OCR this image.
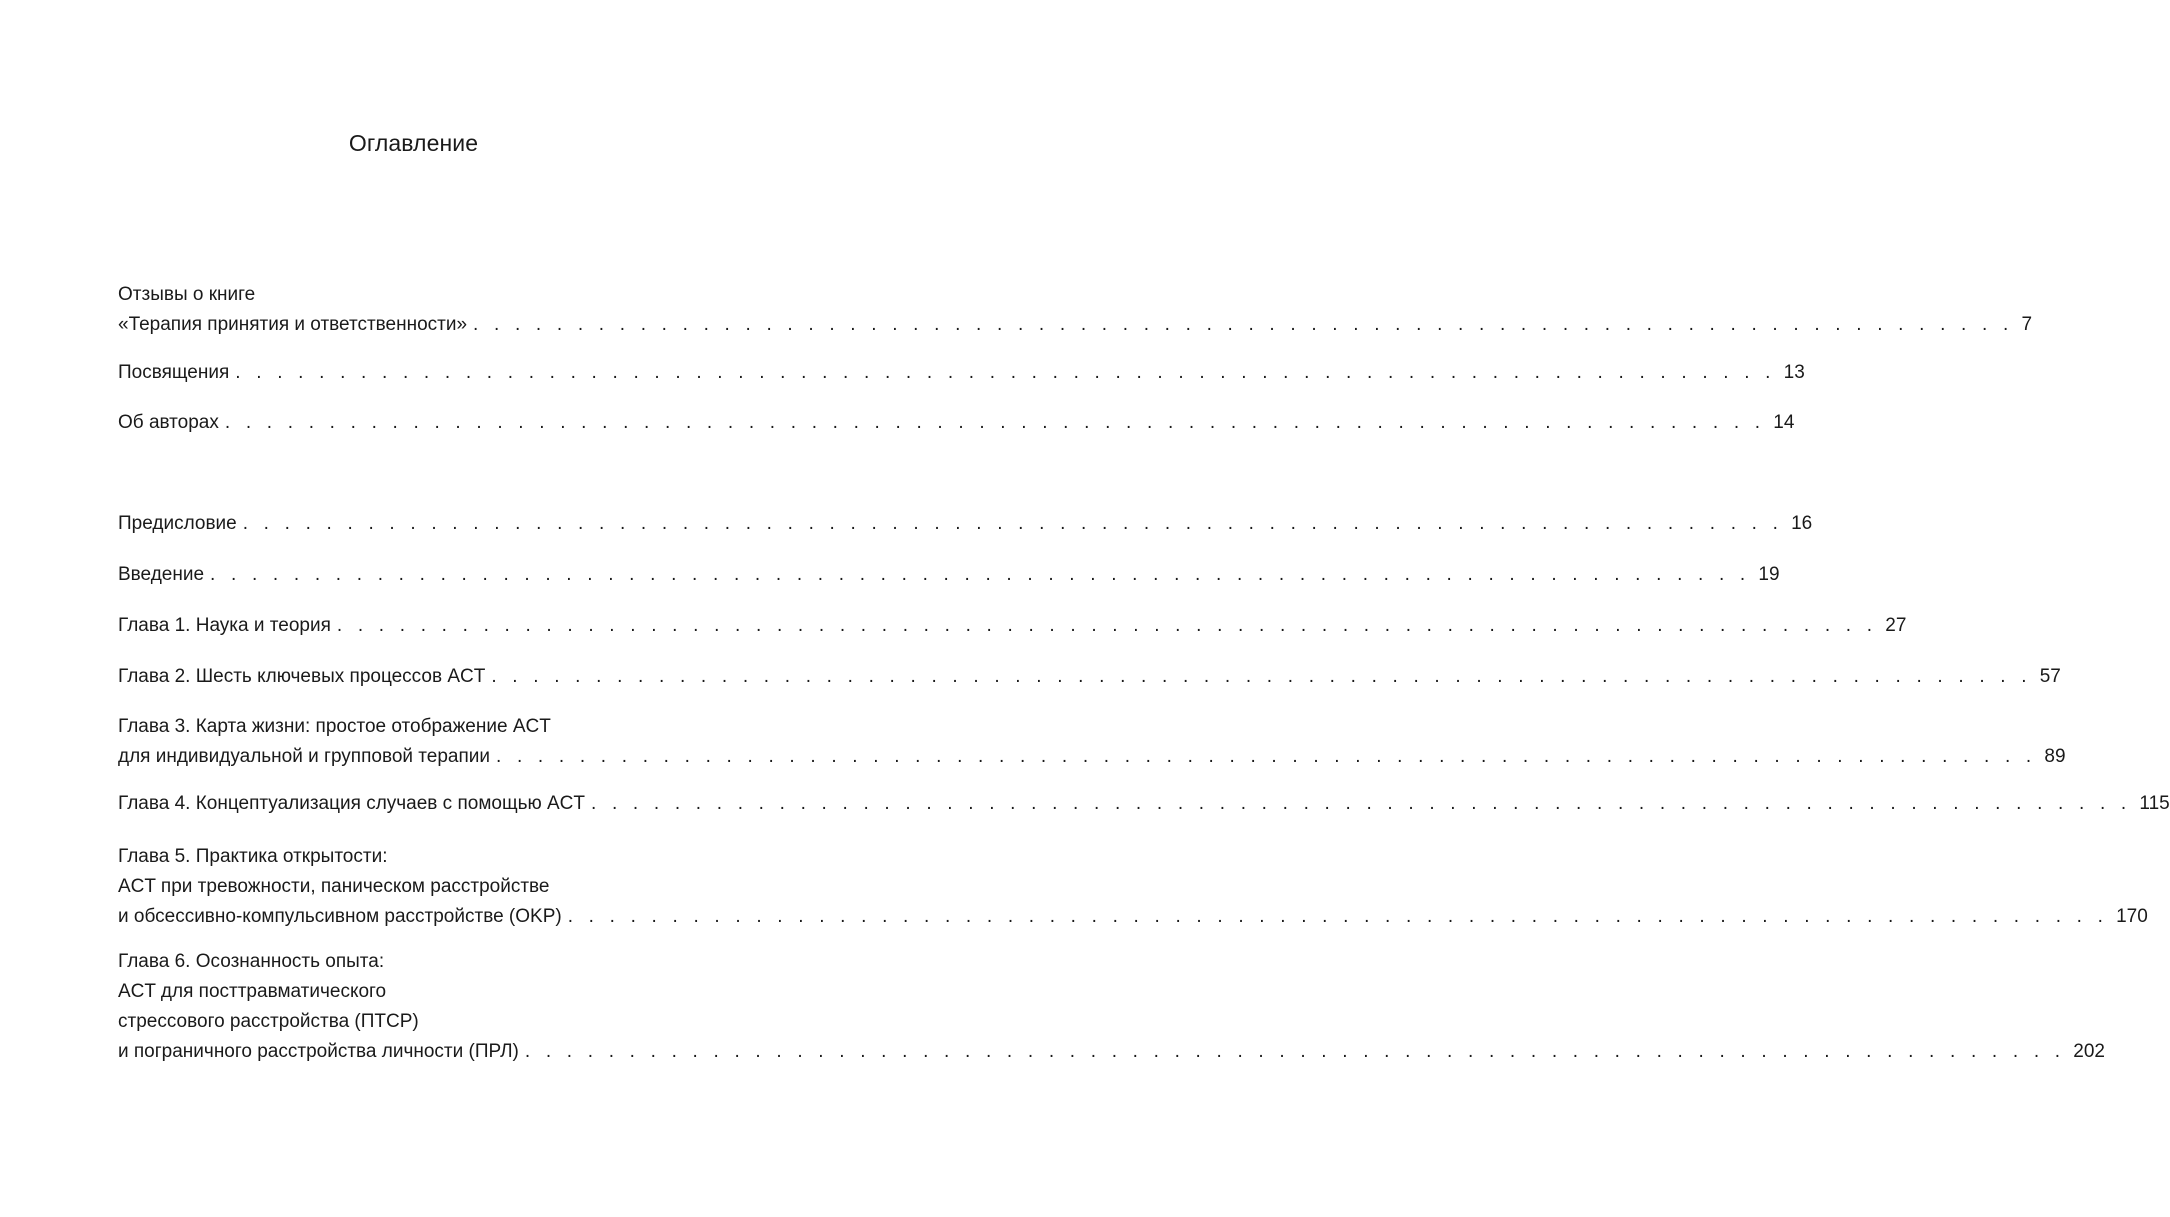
Оглавление
Отзывы о книге
«Терапия принятия и ответственности» . . . . . . . . . . . . . . . . . . . . . . . . . . . . . . . . . . . . . . . . . . . . . . . . . . . . . . . . . . . . . . . . . . . . . . . . . . 7
Посвящения . . . . . . . . . . . . . . . . . . . . . . . . . . . . . . . . . . . . . . . . . . . . . . . . . . . . . . . . . . . . . . . . . . . . . . . . . . 13
Об авторах . . . . . . . . . . . . . . . . . . . . . . . . . . . . . . . . . . . . . . . . . . . . . . . . . . . . . . . . . . . . . . . . . . . . . . . . . . 14
Предисловие . . . . . . . . . . . . . . . . . . . . . . . . . . . . . . . . . . . . . . . . . . . . . . . . . . . . . . . . . . . . . . . . . . . . . . . . . . 16
Введение . . . . . . . . . . . . . . . . . . . . . . . . . . . . . . . . . . . . . . . . . . . . . . . . . . . . . . . . . . . . . . . . . . . . . . . . . . 19
Глава 1. Наука и теория . . . . . . . . . . . . . . . . . . . . . . . . . . . . . . . . . . . . . . . . . . . . . . . . . . . . . . . . . . . . . . . . . . . . . . . . . . 27
Глава 2. Шесть ключевых процессов ACT . . . . . . . . . . . . . . . . . . . . . . . . . . . . . . . . . . . . . . . . . . . . . . . . . . . . . . . . . . . . . . . . . . . . . . . . . . 57
Глава 3. Карта жизни: простое отображение ACT
для индивидуальной и групповой терапии . . . . . . . . . . . . . . . . . . . . . . . . . . . . . . . . . . . . . . . . . . . . . . . . . . . . . . . . . . . . . . . . . . . . . . . . . . 89
Глава 4. Концептуализация случаев с помощью ACT . . . . . . . . . . . . . . . . . . . . . . . . . . . . . . . . . . . . . . . . . . . . . . . . . . . . . . . . . . . . . . . . . . . . . . . . . . 115
Глава 5. Практика открытости:
ACT при тревожности, паническом расстройстве
и обсессивно-компульсивном расстройстве (OKP) . . . . . . . . . . . . . . . . . . . . . . . . . . . . . . . . . . . . . . . . . . . . . . . . . . . . . . . . . . . . . . . . . . . . . . . . . . 170
Глава 6. Осознанность опыта:
ACT для посттравматического
стрессового расстройства (ПТСР)
и пограничного расстройства личности (ПРЛ) . . . . . . . . . . . . . . . . . . . . . . . . . . . . . . . . . . . . . . . . . . . . . . . . . . . . . . . . . . . . . . . . . . . . . . . . . . 202
